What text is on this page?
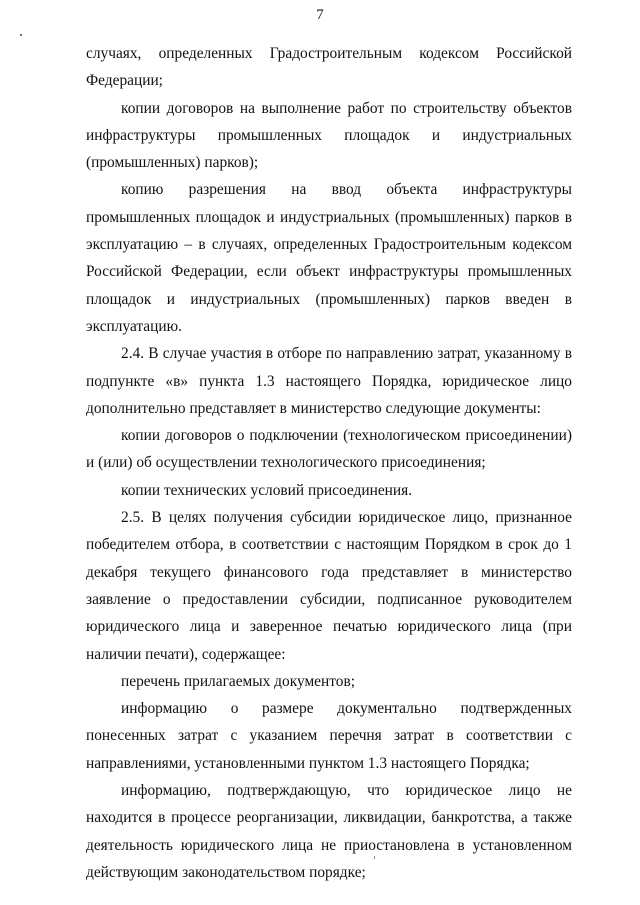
7

случаях, определенных Градостроительным кодексом Российской Федерации;

копии договоров на выполнение работ по строительству объектов инфраструктуры промышленных площадок и индустриальных (промышленных) парков);

копию разрешения на ввод объекта инфраструктуры промышленных площадок и индустриальных (промышленных) парков в эксплуатацию – в случаях, определенных Градостроительным кодексом Российской Федерации, если объект инфраструктуры промышленных площадок и индустриальных (промышленных) парков введен в эксплуатацию.

2.4. В случае участия в отборе по направлению затрат, указанному в подпункте «в» пункта 1.3 настоящего Порядка, юридическое лицо дополнительно представляет в министерство следующие документы:

копии договоров о подключении (технологическом присоединении) и (или) об осуществлении технологического присоединения;

копии технических условий присоединения.

2.5. В целях получения субсидии юридическое лицо, признанное победителем отбора, в соответствии с настоящим Порядком в срок до 1 декабря текущего финансового года представляет в министерство заявление о предоставлении субсидии, подписанное руководителем юридического лица и заверенное печатью юридического лица (при наличии печати), содержащее:

перечень прилагаемых документов;

информацию о размере документально подтвержденных понесенных затрат с указанием перечня затрат в соответствии с направлениями, установленными пунктом 1.3 настоящего Порядка;

информацию, подтверждающую, что юридическое лицо не находится в процессе реорганизации, ликвидации, банкротства, а также деятельность юридического лица не приостановлена в установленном действующим законодательством порядке;
